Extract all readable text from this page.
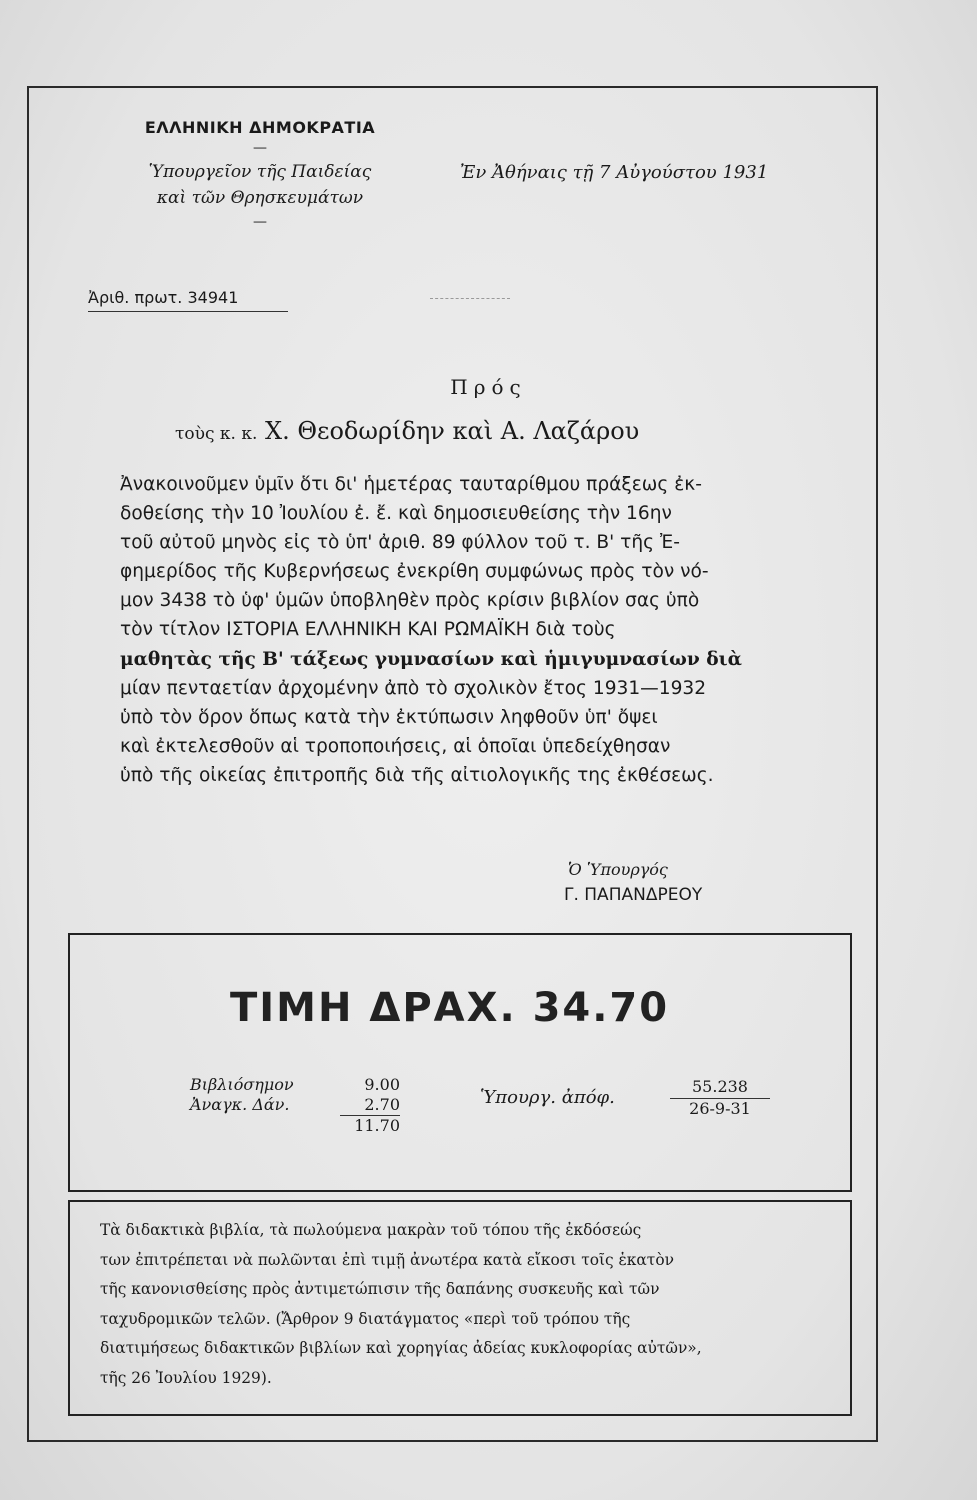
ΕΛΛΗΝΙΚΗ ΔΗΜΟΚΡΑΤΙΑ
—
Ὑπουργεῖον τῆς Παιδείας
καὶ τῶν Θρησκευμάτων
—
Ἐν Ἀθήναις τῇ 7 Αὐγούστου 1931
Ἀριθ. πρωτ. 34941
Πρός
τοὺς κ. κ. Χ. Θεοδωρίδην καὶ Α. Λαζάρου
Ἀνακοινοῦμεν ὑμῖν ὅτι δι' ἡμετέρας ταυταρίθμου πράξεως ἐκ-
δοθείσης τὴν 10 Ἰουλίου ἐ. ἔ. καὶ δημοσιευθείσης τὴν 16ην
τοῦ αὐτοῦ μηνὸς εἰς τὸ ὑπ' ἀριθ. 89 φύλλον τοῦ τ. Β' τῆς Ἐ-
φημερίδος τῆς Κυβερνήσεως ἐνεκρίθη συμφώνως πρὸς τὸν νό-
μον 3438 τὸ ὑφ' ὑμῶν ὑποβληθὲν πρὸς κρίσιν βιβλίον σας ὑπὸ
τὸν τίτλον ΙΣΤΟΡΙΑ ΕΛΛΗΝΙΚΗ ΚΑΙ ΡΩΜΑΪΚΗ διὰ τοὺς
μαθητὰς τῆς Β' τάξεως γυμνασίων καὶ ἡμιγυμνασίων διὰ
μίαν πενταετίαν ἀρχομένην ἀπὸ τὸ σχολικὸν ἔτος 1931—1932
ὑπὸ τὸν ὅρον ὅπως κατὰ τὴν ἐκτύπωσιν ληφθοῦν ὑπ' ὄψει
καὶ ἐκτελεσθοῦν αἱ τροποποιήσεις, αἱ ὁποῖαι ὑπεδείχθησαν
ὑπὸ τῆς οἰκείας ἐπιτροπῆς διὰ τῆς αἰτιολογικῆς της ἐκθέσεως.
Ὁ Ὑπουργός
Γ. ΠΑΠΑΝΔΡΕΟΥ
ΤΙΜΗ ΔΡΑΧ. 34.70
Βιβλιόσημον	9.00
Ἀναγκ. Δάν.	2.70
11.70
Ὑπουργ. ἀπόφ.
55.238
26-9-31
Τὰ διδακτικὰ βιβλία, τὰ πωλούμενα μακρὰν τοῦ τόπου τῆς ἐκδόσεώς
των ἐπιτρέπεται νὰ πωλῶνται ἐπὶ τιμῇ ἀνωτέρα κατὰ εἴκοσι τοῖς ἑκατὸν
τῆς κανονισθείσης πρὸς ἀντιμετώπισιν τῆς δαπάνης συσκευῆς καὶ τῶν
ταχυδρομικῶν τελῶν. (Ἄρθρον 9 διατάγματος «περὶ τοῦ τρόπου τῆς
διατιμήσεως διδακτικῶν βιβλίων καὶ χορηγίας ἀδείας κυκλοφορίας αὐτῶν»,
τῆς 26 Ἰουλίου 1929).
